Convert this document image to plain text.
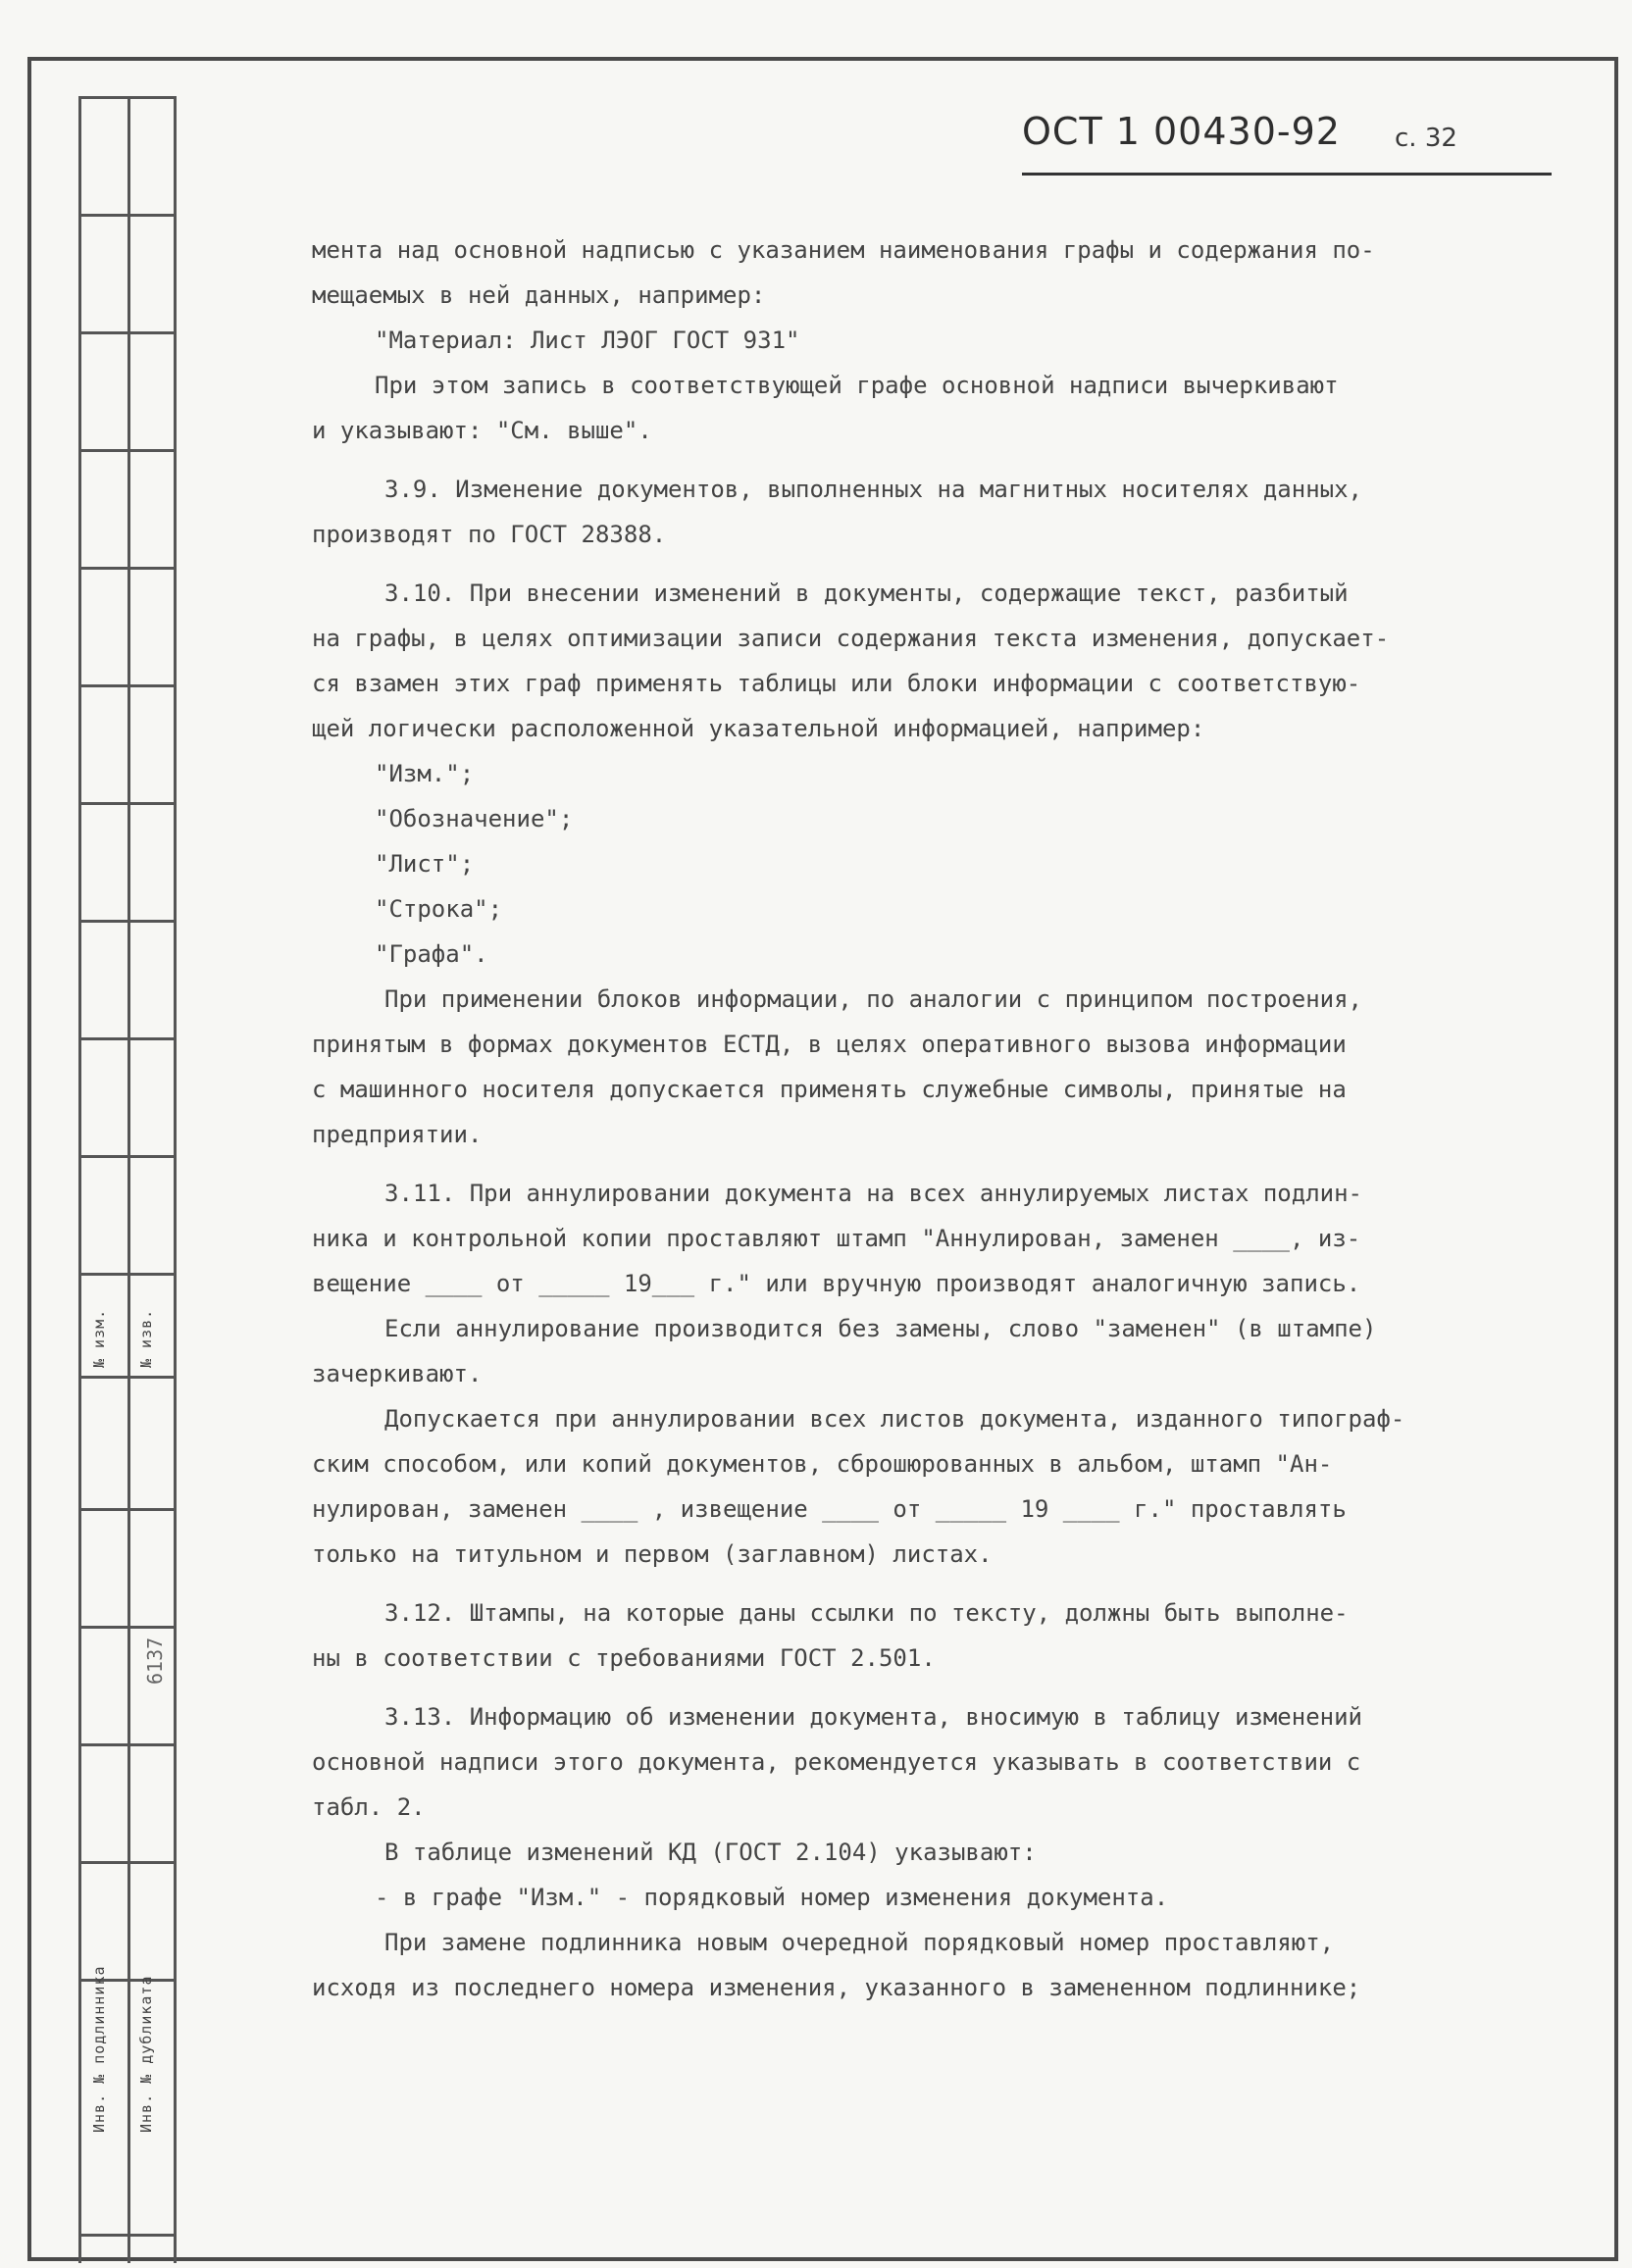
Инв. № подлинника Инв. № дубликата
№ изм. № изв.
6137
ОСТ 1 00430-92 с. 32
мента над основной надписью с указанием наименования графы и содержания по-
мещаемых в ней данных, например:
"Материал: Лист ЛЭОГ ГОСТ 931"
При этом запись в соответствующей графе основной надписи вычеркивают
и указывают: "См. выше".
3.9. Изменение документов, выполненных на магнитных носителях данных,
производят по ГОСТ 28388.
3.10. При внесении изменений в документы, содержащие текст, разбитый
на графы, в целях оптимизации записи содержания текста изменения, допускает-
ся взамен этих граф применять таблицы или блоки информации с соответствую-
щей логически расположенной указательной информацией, например:
"Изм.";
"Обозначение";
"Лист";
"Строка";
"Графа".
При применении блоков информации, по аналогии с принципом построения,
принятым в формах документов ЕСТД, в целях оперативного вызова информации
с машинного носителя допускается применять служебные символы, принятые на
предприятии.
3.11. При аннулировании документа на всех аннулируемых листах подлин-
ника и контрольной копии проставляют штамп "Аннулирован, заменен ____, из-
вещение ____ от _____ 19___ г." или вручную производят аналогичную запись.
Если аннулирование производится без замены, слово "заменен" (в штампе)
зачеркивают.
Допускается при аннулировании всех листов документа, изданного типограф-
ским способом, или копий документов, сброшюрованных в альбом, штамп "Ан-
нулирован, заменен ____ , извещение ____ от _____ 19 ____ г." проставлять
только на титульном и первом (заглавном) листах.
3.12. Штампы, на которые даны ссылки по тексту, должны быть выполне-
ны в соответствии с требованиями ГОСТ 2.501.
3.13. Информацию об изменении документа, вносимую в таблицу изменений
основной надписи этого документа, рекомендуется указывать в соответствии с
табл. 2.
В таблице изменений КД (ГОСТ 2.104) указывают:
- в графе "Изм." - порядковый номер изменения документа.
При замене подлинника новым очередной порядковый номер проставляют,
исходя из последнего номера изменения, указанного в замененном подлиннике;
